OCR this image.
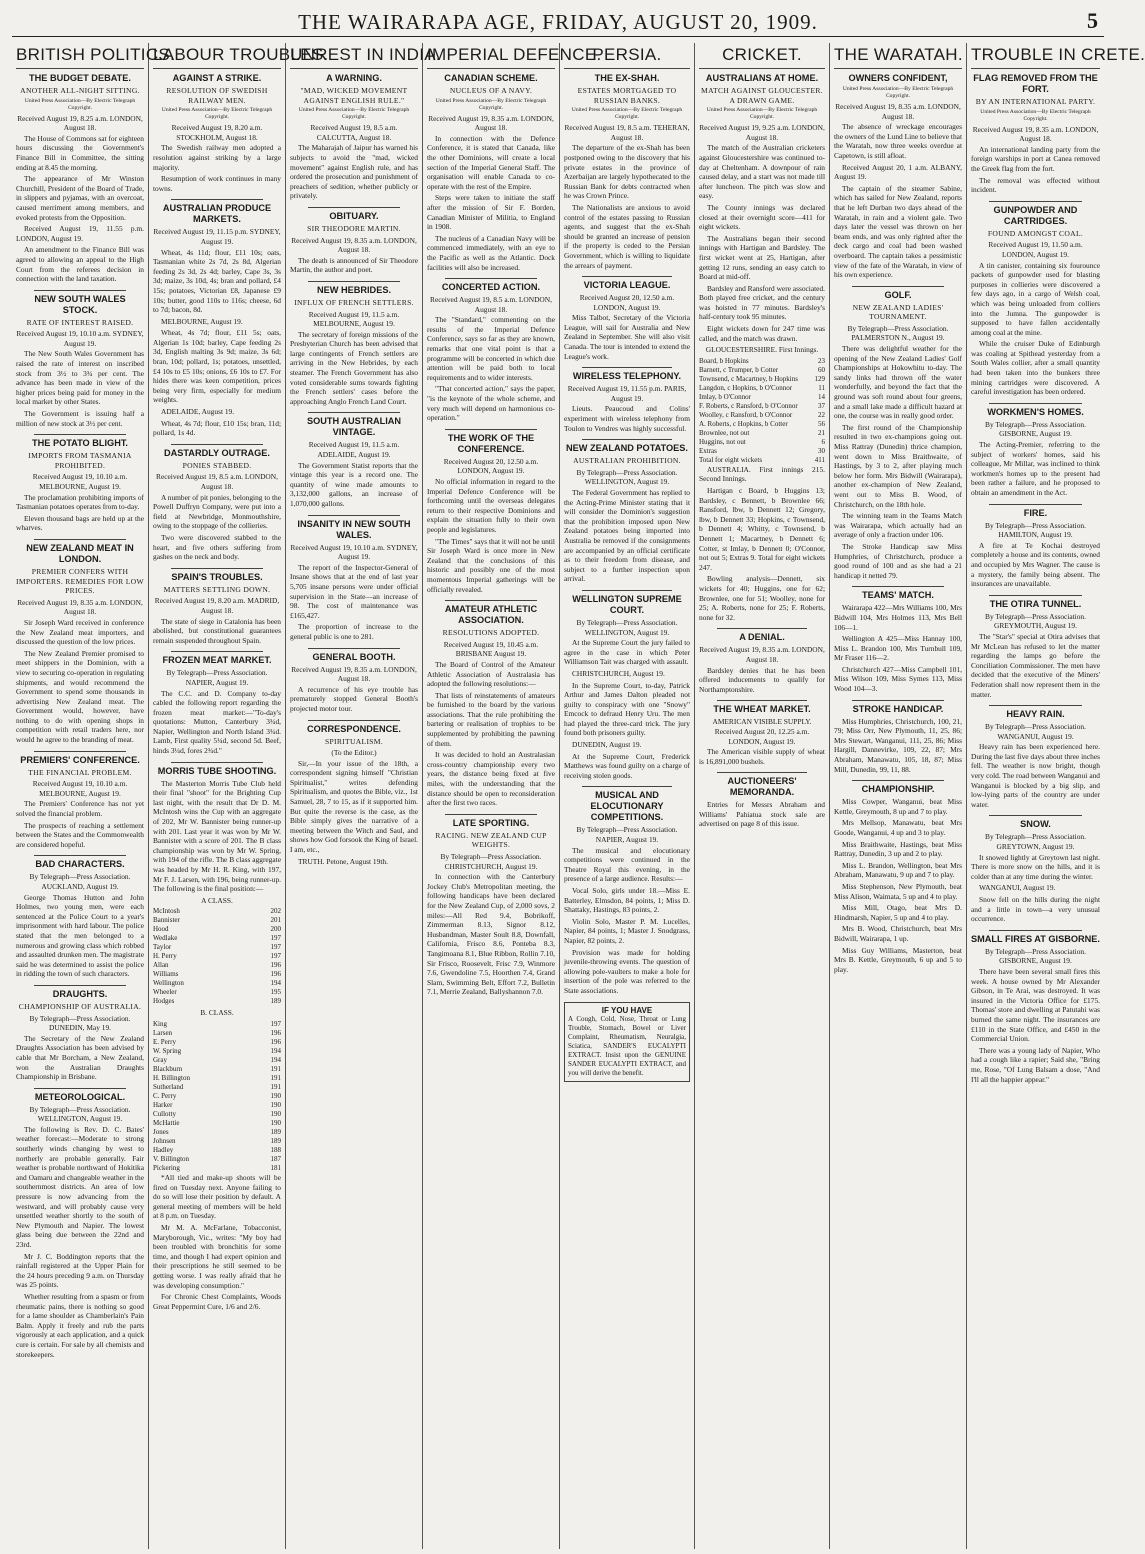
THE WAIRARAPA AGE, FRIDAY, AUGUST 20, 1909.	5
BRITISH POLITICS.
THE BUDGET DEBATE.
ANOTHER ALL-NIGHT SITTING.
United Press Association—By Electric Telegraph Copyright.
Received August 19, 8.25 a.m. LONDON, August 18.

The House of Commons sat for eighteen hours discussing the Government's Finance Bill in Committee, the sitting ending at 8.45 the morning.

The appearance of Mr Winston Churchill, President of the Board of Trade, in slippers and pyjamas, with an overcoat, caused merriment among members, and evoked protests from the Opposition.

Received August 19, 11.55 p.m. LONDON, August 19.

An amendment to the Finance Bill was agreed to allowing an appeal to the High Court from the referees decision in connection with the land taxation.

NEW SOUTH WALES STOCK.
RATE OF INTEREST RAISED.
Received August 19, 10.10 a.m. SYDNEY, August 19.

The New South Wales Government has raised the rate of interest on inscribed stock from 3½ to 3¾ per cent. The advance has been made in view of the higher prices being paid for money in the local market by other States.

The Government is issuing half a million of new stock at 3½ per cent.

THE POTATO BLIGHT.
IMPORTS FROM TASMANIA PROHIBITED.
Received August 19, 10.10 a.m. MELBOURNE, August 19.

The proclamation prohibiting imports of Tasmanian potatoes operates from to-day.

Eleven thousand bags are held up at the wharves.

NEW ZEALAND MEAT IN LONDON.
PREMIER CONFERS WITH IMPORTERS. REMEDIES FOR LOW PRICES.
Received August 19, 8.35 a.m. LONDON, August 18.

Sir Joseph Ward received in conference the New Zealand meat importers, and discussed the question of the low prices.

The New Zealand Premier promised to meet shippers in the Dominion, with a view to securing co-operation in regulating shipments, and would recommend the Government to spend some thousands in advertising New Zealand meat. The Government would, however, have nothing to do with opening shops in competition with retail traders here, nor would he agree to the branding of meat.

PREMIERS' CONFERENCE.
THE FINANCIAL PROBLEM.
Received August 19, 10.10 a.m. MELBOURNE, August 19.

The Premiers' Conference has not yet solved the financial problem.

The prospects of reaching a settlement between the States and the Commonwealth are considered hopeful.

BAD CHARACTERS.
By Telegraph—Press Association. AUCKLAND, August 19.

George Thomas Hutton and John Holmes, two young men, were each sentenced at the Police Court to a year's imprisonment with hard labour. The police stated that the men belonged to a numerous and growing class which robbed and assaulted drunken men. The magistrate said he was determined to assist the police in ridding the town of such characters.

DRAUGHTS.
CHAMPIONSHIP OF AUSTRALIA.
By Telegraph—Press Association. DUNEDIN, May 19.

The Secretary of the New Zealand Draughts Association has been advised by cable that Mr Borcham, a New Zealand, won the Australian Draughts Championship in Brisbane.

METEOROLOGICAL.
By Telegraph—Press Association. WELLINGTON, August 19.

The following is Rev. D. C. Bates' weather forecast:—Moderate to strong southerly winds changing by west to northerly are probable generally. Fair weather is probable northward of Hokitika and Oamaru and changeable weather in the southernmost districts. An area of low pressure is now advancing from the westward, and will probably cause very unsettled weather shortly to the south of New Plymouth and Napier. The lowest glass being due between the 22nd and 23rd.

Mr J. C. Boddington reports that the rainfall registered at the Upper Plain for the 24 hours preceding 9 a.m. on Thursday was 25 points.

Whether resulting from a spasm or from rheumatic pains, there is nothing so good for a lame shoulder as Chamberlain's Pain Balm. Apply it freely and rub the parts vigorously at each application, and a quick cure is certain. For sale by all chemists and storekeepers.

LABOUR TROUBLES.
AGAINST A STRIKE.
RESOLUTION OF SWEDISH RAILWAY MEN.
United Press Association—By Electric Telegraph Copyright.
Received August 19, 8.20 a.m. STOCKHOLM, August 18.

The Swedish railway men adopted a resolution against striking by a large majority.

Resumption of work continues in many towns.

AUSTRALIAN PRODUCE MARKETS.
Received August 19, 11.15 p.m. SYDNEY, August 19.

Wheat, 4s 11d; flour, £11 10s; oats, Tasmanian white 2s 7d, 2s 8d, Algerian feeding 2s 3d, 2s 4d; barley, Cape 3s, 3s 3d; maize, 3s 10d, 4s; bran and pollard, £4 15s; potatoes, Victorian £8, Japanese £9 10s; butter, good 110s to 116s; cheese, 6d to 7d; bacon, 8d.

MELBOURNE, August 19.

Wheat, 4s 7d; flour, £11 5s; oats, Algerian 1s 10d; barley, Cape feeding 2s 3d, English malting 3s 9d; maize, 3s 6d; bran, 10d; pollard, 1s; potatoes, unsettled, £4 10s to £5 10s; onions, £6 10s to £7. For hides there was keen competition, prices being very firm, especially for medium weights.

ADELAIDE, August 19.

Wheat, 4s 7d; flour, £10 15s; bran, 11d; pollard, 1s 4d.

DASTARDLY OUTRAGE.
PONIES STABBED.
Received August 19, 8.5 a.m. LONDON, August 18.

A number of pit ponies, belonging to the Powell Duffryn Company, were put into a field at Newbridge, Monmouthshire, owing to the stoppage of the collieries.

Two were discovered stabbed to the heart, and five others suffering from gashes on the neck and body.

SPAIN'S TROUBLES.
MATTERS SETTLING DOWN.
Received August 19, 8.20 a.m. MADRID, August 18.

The state of siege in Catalonia has been abolished, but constitutional guarantees remain suspended throughout Spain.

FROZEN MEAT MARKET.
By Telegraph—Press Association. NAPIER, August 19.

The C.C. and D. Company to-day cabled the following report regarding the frozen meat market:—"To-day's quotations: Mutton, Canterbury 3¾d, Napier, Wellington and North Island 3¾d. Lamb, First quality 5¼d, second 5d. Beef, hinds 3¼d, fores 2¾d."

MORRIS TUBE SHOOTING.

The Masterton Morris Tube Club held their final "shoot" for the Brighting Cup last night, with the result that Dr D. M. McIntosh wins the Cup with an aggregate of 202, Mr W. Bannister being runner-up with 201. Last year it was won by Mr W. Bannister with a score of 201. The B class championship was won by Mr W. Spring, with 194 of the rifle. The B class aggregate was headed by Mr H. R. King, with 197, Mr F. J. Larsen, with 196, being runner-up. The following is the final position:—

A CLASS.
McIntosh	202
Bannister	201
Hood	200
Wedlake	197
Taylor	197
H. Perry	197
Allan	196
Williams	196
Wellington	194
Wheeler	195
Hodges	189
B. CLASS.
King	197
Larsen	196
E. Perry	196
W. Spring	194
Gray	194
Blackburn	191
H. Billington	191
Sutherland	191
C. Perry	190
Harker	190
Cullotty	190
McHattie	190
Jones	189
Johnsen	189
Hadley	188
V. Billington	187
Pickering	181

*All tied and make-up shoots will be fired on Tuesday next. Anyone failing to do so will lose their position by default. A general meeting of members will be held at 8 p.m. on Tuesday.

Mr M. A. McFarlane, Tobacconist, Maryborough, Vic., writes: "My boy had been troubled with bronchitis for some time, and though I had expert opinion and their prescriptions he still seemed to be getting worse. I was really afraid that he was developing consumption."

For Chronic Chest Complaints, Woods Great Peppermint Cure, 1/6 and 2/6.

UNREST IN INDIA.
A WARNING.
"MAD, WICKED MOVEMENT AGAINST ENGLISH RULE."
United Press Association—By Electric Telegraph Copyright.
Received August 19, 8.5 a.m. CALCUTTA, August 18.

The Maharajah of Jaipur has warned his subjects to avoid the "mad, wicked movement" against English rule, and has ordered the prosecution and punishment of preachers of sedition, whether publicly or privately.

OBITUARY.
SIR THEODORE MARTIN.
Received August 19, 8.35 a.m. LONDON, August 18.

The death is announced of Sir Theodore Martin, the author and poet.

NEW HEBRIDES.
INFLUX OF FRENCH SETTLERS.
Received August 19, 11.5 a.m. MELBOURNE, August 19.

The secretary of foreign missions of the Presbyterian Church has been advised that large contingents of French settlers are arriving in the New Hebrides, by each steamer. The French Government has also voted considerable sums towards fighting the French settlers' cases before the approaching Anglo French Land Court.

SOUTH AUSTRALIAN VINTAGE.
Received August 19, 11.5 a.m. ADELAIDE, August 19.

The Government Statist reports that the vintage this year is a record one. The quantity of wine made amounts to 3,132,000 gallons, an increase of 1,070,000 gallons.

INSANITY IN NEW SOUTH WALES.
Received August 19, 10.10 a.m. SYDNEY, August 19.

The report of the Inspector-General of Insane shows that at the end of last year 5,705 insane persons were under official supervision in the State—an increase of 98. The cost of maintenance was £165,427.

The proportion of increase to the general public is one to 281.

GENERAL BOOTH.
Received August 19, 8.35 a.m. LONDON, August 18.

A recurrence of his eye trouble has prematurely stopped General Booth's projected motor tour.

CORRESPONDENCE.
SPIRITUALISM.
(To the Editor.)

Sir,—In your issue of the 18th, a correspondent signing himself "Christian Spiritualist," writes defending Spiritualism, and quotes the Bible, viz., 1st Samuel, 28, 7 to 15, as if it supported him. But quite the reverse is the case, as the Bible simply gives the narrative of a meeting between the Witch and Saul, and shows how God forsook the King of Israel. I am, etc.,

TRUTH. Petone, August 19th.

IMPERIAL DEFENCE.
CANADIAN SCHEME.
NUCLEUS OF A NAVY.
United Press Association—By Electric Telegraph Copyright.
Received August 19, 8.35 a.m. LONDON, August 18.

In connection with the Defence Conference, it is stated that Canada, like the other Dominions, will create a local section of the Imperial General Staff. The organisation will enable Canada to co-operate with the rest of the Empire.

Steps were taken to initiate the staff after the mission of Sir F. Borden, Canadian Minister of Militia, to England in 1908.

The nucleus of a Canadian Navy will be commenced immediately, with an eye to the Pacific as well as the Atlantic. Dock facilities will also be increased.

CONCERTED ACTION.
Received August 19, 8.5 a.m. LONDON, August 18.

The "Standard," commenting on the results of the Imperial Defence Conference, says so far as they are known, remarks that one vital point is that a programme will be concerted in which due attention will be paid both to local requirements and to wider interests.

"That concerted action," says the paper, "is the keynote of the whole scheme, and very much will depend on harmonious co-operation."

THE WORK OF THE CONFERENCE.
Received August 20, 12.50 a.m. LONDON, August 19.

No official information in regard to the Imperial Defence Conference will be forthcoming until the overseas delegates return to their respective Dominions and explain the situation fully to their own people and legislatures.

"The Times" says that it will not be until Sir Joseph Ward is once more in New Zealand that the conclusions of this historic and possibly one of the most momentous Imperial gatherings will be officially revealed.

AMATEUR ATHLETIC ASSOCIATION.
RESOLUTIONS ADOPTED.
Received August 19, 10.45 a.m. BRISBANE August 19.

The Board of Control of the Amateur Athletic Association of Australasia has adopted the following resolutions:—

That lists of reinstatements of amateurs be furnished to the board by the various associations. That the rule prohibiting the bartering or realisation of trophies to be supplemented by prohibiting the pawning of them.

It was decided to hold an Australasian cross-country championship every two years, the distance being fixed at five miles, with the understanding that the distance should be open to reconsideration after the first two races.

LATE SPORTING.
RACING. NEW ZEALAND CUP WEIGHTS.
By Telegraph—Press Association. CHRISTCHURCH, August 19.

In connection with the Canterbury Jockey Club's Metropolitan meeting, the following handicaps have been declared for the New Zealand Cup, of 2,000 sovs, 2 miles:—All Red 9.4, Bobrikoff, Zimmerman 8.13, Signor 8.12, Husbandman, Master Soult 8.8, Downfall, California, Frisco 8.6, Ponteba 8.3, Tangimoana 8.1, Blue Ribbon, Rollin 7.10, Sir Frisco, Roosevelt, Frisc 7.9, Winmore 7.6, Gwendoline 7.5, Hoorthen 7.4, Grand Slam, Swimming Belt, Effort 7.2, Bulletin 7.1, Merrie Zealand, Ballyshannon 7.0.

PERSIA.
THE EX-SHAH.
ESTATES MORTGAGED TO RUSSIAN BANKS.
United Press Association—By Electric Telegraph Copyright.
Received August 19, 8.5 a.m. TEHERAN, August 18.

The departure of the ex-Shah has been postponed owing to the discovery that his private estates in the province of Azerbaijan are largely hypothecated to the Russian Bank for debts contracted when he was Crown Prince.

The Nationalists are anxious to avoid control of the estates passing to Russian agents, and suggest that the ex-Shah should be granted an increase of pension if the property is ceded to the Persian Government, which is willing to liquidate the arrears of payment.

VICTORIA LEAGUE.
Received August 20, 12.50 a.m. LONDON, August 19.

Miss Talbot, Secretary of the Victoria League, will sail for Australia and New Zealand in September. She will also visit Canada. The tour is intended to extend the League's work.

WIRELESS TELEPHONY.
Received August 19, 11.55 p.m. PARIS, August 19.

Lieuts. Peaucoud and Colins' experiment with wireless telephony from Toulon to Vendres was highly successful.

NEW ZEALAND POTATOES.
AUSTRALIAN PROHIBITION.
By Telegraph—Press Association. WELLINGTON, August 19.

The Federal Government has replied to the Acting-Prime Minister stating that it will consider the Dominion's suggestion that the prohibition imposed upon New Zealand potatoes being imported into Australia be removed if the consignments are accompanied by an official certificate as to their freedom from disease, and subject to a further inspection upon arrival.

WELLINGTON SUPREME COURT.
By Telegraph—Press Association. WELLINGTON, August 19.

At the Supreme Court the jury failed to agree in the case in which Peter Williamson Tait was charged with assault.

CHRISTCHURCH, August 19.

In the Supreme Court, to-day, Patrick Arthur and James Dalton pleaded not guilty to conspiracy with one "Snowy" Emcock to defraud Henry Uru. The men had played the three-card trick. The jury found both prisoners guilty.

DUNEDIN, August 19.

At the Supreme Court, Frederick Matthews was found guilty on a charge of receiving stolen goods.

MUSICAL AND ELOCUTIONARY COMPETITIONS.
By Telegraph—Press Association. NAPIER, August 19.

The musical and elocutionary competitions were continued in the Theatre Royal this evening, in the presence of a large audience. Results:—

Vocal Solo, girls under 18.—Miss E. Batterley, Elmsdon, 84 points, 1; Miss D. Shattaky, Hastings, 83 points, 2.

Violin Solo, Master P. M. Lucelles, Napier, 84 points, 1; Master J. Snodgrass, Napier, 82 points, 2.

Provision was made for holding juvenile-throwing events. The question of allowing pole-vaulters to make a hole for insertion of the pole was referred to the State associations.

IF YOU HAVE
A Cough, Cold, Nose, Throat or Lung Trouble, Stomach, Bowel or Liver Complaint, Rheumatism, Neuralgia, Sciatica, SANDER'S EUCALYPTI EXTRACT. Insist upon the GENUINE SANDER EUCALYPTI EXTRACT, and you will derive the benefit.
CRICKET.
AUSTRALIANS AT HOME.
MATCH AGAINST GLOUCESTER. A DRAWN GAME.
United Press Association—By Electric Telegraph Copyright.
Received August 19, 9.25 a.m. LONDON, August 18.

The match of the Australian cricketers against Gloucestershire was continued to-day at Cheltenham. A downpour of rain caused delay, and a start was not made till after luncheon. The pitch was slow and easy.

The County innings was declared closed at their overnight score—411 for eight wickets.

The Australians began their second innings with Hartigan and Bardsley. The first wicket went at 25, Hartigan, after getting 12 runs, sending an easy catch to Board at mid-off.

Bardsley and Ransford were associated. Both played free cricket, and the century was hoisted in 77 minutes. Bardsley's half-century took 95 minutes.

Eight wickets down for 247 time was called, and the match was drawn.

GLOUCESTERSHIRE. First Innings.
Board, b Hopkins	23
Barnett, c Trumper, b Cotter	60
Townsend, c Macartney, b Hopkins 129
Langdon, c Hopkins, b O'Connor	11
Imlay, b O'Connor	14
F. Roberts, c Ransford, b O'Connor	37
Woolley, c Ransford, b O'Connor	22
A. Roberts, c Hopkins, b Cotter	56
Brownlee, not out	21
Huggins, not out	6
Extras	30
Total for eight wickets	411

AUSTRALIA. First innings 215. Second Innings.

Hartigan c Board, b Huggins 13; Bardsley, c Bennett, b Brownlee 66; Ransford, lbw, b Dennett 12; Gregory, lbw, b Dennett 33; Hopkins, c Townsend, b Dennett 4; Whitty, c Townsend, b Dennett 1; Macartney, b Dennett 6; Cotter, st Imlay, b Dennett 0; O'Connor, not out 5; Extras 9. Total for eight wickets 247.

Bowling analysis—Dennett, six wickets for 40; Huggins, one for 62; Brownlee, one for 51; Woolley, none for 25; A. Roberts, none for 25; F. Roberts, none for 32.

A DENIAL.
Received August 19, 8.35 a.m. LONDON, August 18.

Bardsley denies that he has been offered inducements to qualify for Northamptonshire.

THE WHEAT MARKET.
AMERICAN VISIBLE SUPPLY. Received August 20, 12.25 a.m. LONDON, August 19.

The American visible supply of wheat is 16,891,000 bushels.

AUCTIONEERS' MEMORANDA.

Entries for Messrs Abraham and Williams' Pahiatua stock sale are advertised on page 8 of this issue.

THE WARATAH.
OWNERS CONFIDENT,
United Press Association—By Electric Telegraph Copyright.
Received August 19, 8.35 a.m. LONDON, August 18.

The absence of wreckage encourages the owners of the Lund Line to believe that the Waratah, now three weeks overdue at Capetown, is still afloat.

Received August 20, 1 a.m. ALBANY, August 19.

The captain of the steamer Sabine, which has sailed for New Zealand, reports that he left Durban two days ahead of the Waratah, in rain and a violent gale. Two days later the vessel was thrown on her beam ends, and was only righted after the deck cargo and coal had been washed overboard. The captain takes a pessimistic view of the fate of the Waratah, in view of his own experience.

GOLF.
NEW ZEALAND LADIES' TOURNAMENT.
By Telegraph—Press Association. PALMERSTON N., August 19.

There was delightful weather for the opening of the New Zealand Ladies' Golf Championships at Hokowhitu to-day. The sandy links had thrown off the water wonderfully, and beyond the fact that the ground was soft round about four greens, and a small lake made a difficult hazard at one, the course was in really good order.

The first round of the Championship resulted in two ex-champions going out. Miss Rattray (Dunedin) thrice champion, went down to Miss Braithwaite, of Hastings, by 3 to 2, after playing much below her form. Mrs Bidwill (Wairarapa), another ex-champion of New Zealand, went out to Miss B. Wood, of Christchurch, on the 18th hole.

The winning team in the Teams Match was Wairarapa, which actually had an average of only a fraction under 106.

The Stroke Handicap saw Miss Humphries, of Christchurch, produce a good round of 100 and as she had a 21 handicap it netted 79.

TEAMS' MATCH.

Wairarapa 422—Mrs Williams 100, Mrs Bidwill 104, Mrs Holmes 113, Mrs Bell 106—1.

Wellington A 425—Miss Hannay 100, Miss L. Brandon 100, Mrs Turnbull 109, Mr Fraser 116—2.

Christchurch 427—Miss Campbell 101, Miss Wilson 109, Miss Symes 113, Miss Wood 104—3.

STROKE HANDICAP.

Miss Humphries, Christchurch, 100, 21, 79; Miss Orr, New Plymouth, 11, 25, 86; Mrs Stewart, Wanganui, 111, 25, 86; Miss Hargill, Dannevirke, 109, 22, 87; Mrs Abraham, Manawatu, 105, 18, 87; Miss Mill, Dunedin, 99, 11, 88.

CHAMPIONSHIP.

Miss Cowper, Wanganui, beat Miss Kettle, Greymouth, 8 up and 7 to play.

Mrs Mellsop, Manawatu, beat Mrs Goode, Wanganui, 4 up and 3 to play.

Miss Braithwaite, Hastings, beat Miss Rattray, Dunedin, 3 up and 2 to play.

Miss L. Brandon, Wellington, beat Mrs Abraham, Manawatu, 9 up and 7 to play.

Miss Stephenson, New Plymouth, beat Miss Alison, Waimata, 5 up and 4 to play.

Miss Mill, Otago, beat Mrs D. Hindmarsh, Napier, 5 up and 4 to play.

Mrs B. Wood, Christchurch, beat Mrs Bidwill, Wairarapa, 1 up.

Miss Guy Williams, Masterton, beat Mrs B. Kettle, Greymouth, 6 up and 5 to play.

TROUBLE IN CRETE.
FLAG REMOVED FROM THE FORT.
BY AN INTERNATIONAL PARTY.
United Press Association—By Electric Telegraph Copyright.
Received August 19, 8.35 a.m. LONDON, August 18.

An international landing party from the foreign warships in port at Canea removed the Greek flag from the fort.

The removal was effected without incident.

GUNPOWDER AND CARTRIDGES.
FOUND AMONGST COAL.
Received August 19, 11.50 a.m. LONDON, August 19.

A tin canister, containing six fourounce packets of gunpowder used for blasting purposes in collieries were discovered a few days ago, in a cargo of Welsh coal, which was being unloaded from colliers into the Jumna. The gunpowder is supposed to have fallen accidentally among coal at the mine.

While the cruiser Duke of Edinburgh was coaling at Spithead yesterday from a South Wales collier, after a small quantity had been taken into the bunkers three mining cartridges were discovered. A careful investigation has been ordered.

WORKMEN'S HOMES.
By Telegraph—Press Association. GISBORNE, August 19.

The Acting-Premier, referring to the subject of workers' homes, said his colleague, Mr Millar, was inclined to think workmen's homes up to the present had been rather a failure, and he proposed to obtain an amendment in the Act.

FIRE.
By Telegraph—Press Association. HAMILTON, August 19.

A fire at Te Kochai destroyed completely a house and its contents, owned and occupied by Mrs Wagner. The cause is a mystery, the family being absent. The insurances are unavailable.

THE OTIRA TUNNEL.
By Telegraph—Press Association. GREYMOUTH, August 19.

The "Star's" special at Otira advises that Mr McLean has refused to let the matter regarding the lamps go before the Conciliation Commissioner. The men have decided that the executive of the Miners' Federation shall now represent them in the matter.

HEAVY RAIN.
By Telegraph—Press Association. WANGANUI, August 19.

Heavy rain has been experienced here. During the last five days about three inches fell. The weather is now bright, though very cold. The road between Wanganui and Wanganui is blocked by a big slip, and low-lying parts of the country are under water.

SNOW.
By Telegraph—Press Association. GREYTOWN, August 19.

It snowed lightly at Greytown last night. There is more snow on the hills, and it is colder than at any time during the winter.

WANGANUI, August 19.

Snow fell on the hills during the night and a little in town—a very unusual occurrence.

SMALL FIRES AT GISBORNE.
By Telegraph—Press Association. GISBORNE, August 19.

There have been several small fires this week. A house owned by Mr Alexander Gibson, in Te Arai, was destroyed. It was insured in the Victoria Office for £175. Thomas' store and dwelling at Patutahi was burned the same night. The insurances are £110 in the State Office, and £450 in the Commercial Union.

There was a young lady of Napier, Who had a cough like a rapier; Said she, "Bring me, Rose, "Of Lung Balsam a dose, "And I'll all the happier appear."
